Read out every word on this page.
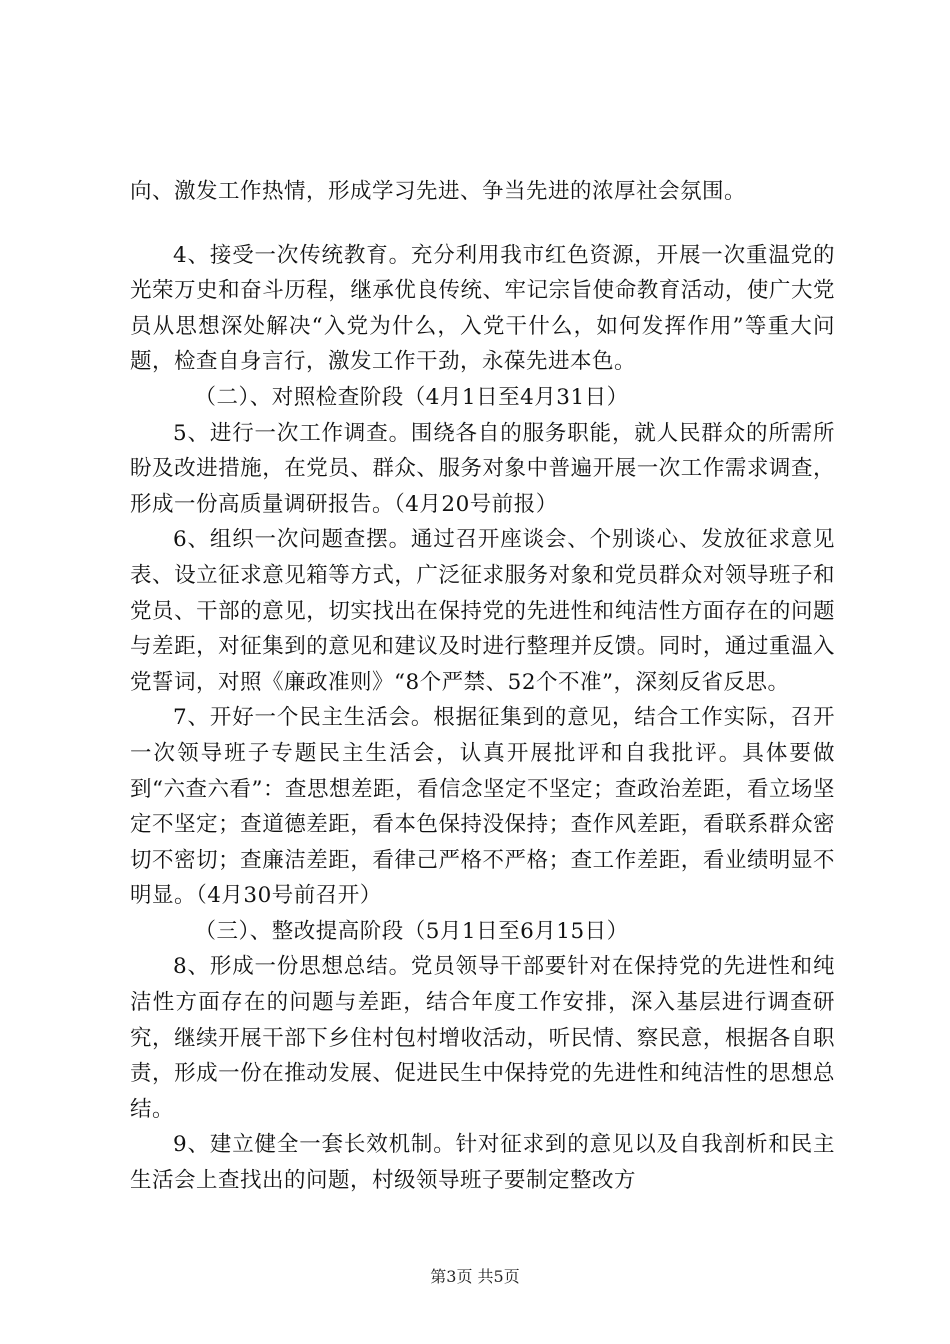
向、激发工作热情，形成学习先进、争当先进的浓厚社会氛围。

4、接受一次传统教育。充分利用我市红色资源，开展一次重温党的光荣万史和奋斗历程，继承优良传统、牢记宗旨使命教育活动，使广大党员从思想深处解决“入党为什么，入党干什么，如何发挥作用”等重大问题，检查自身言行，激发工作干劲，永葆先进本色。

（二）、对照检查阶段（4月1日至4月31日）

5、进行一次工作调查。围绕各自的服务职能，就人民群众的所需所盼及改进措施，在党员、群众、服务对象中普遍开展一次工作需求调查，形成一份高质量调研报告。（4月20号前报）

6、组织一次问题查摆。通过召开座谈会、个别谈心、发放征求意见表、设立征求意见箱等方式，广泛征求服务对象和党员群众对领导班子和党员、干部的意见，切实找出在保持党的先进性和纯洁性方面存在的问题与差距，对征集到的意见和建议及时进行整理并反馈。同时，通过重温入党誓词，对照《廉政准则》“8个严禁、52个不准”，深刻反省反思。

7、开好一个民主生活会。根据征集到的意见，结合工作实际，召开一次领导班子专题民主生活会，认真开展批评和自我批评。具体要做到“六查六看”：查思想差距，看信念坚定不坚定；查政治差距，看立场坚定不坚定；查道德差距，看本色保持没保持；查作风差距，看联系群众密切不密切；查廉洁差距，看律己严格不严格；查工作差距，看业绩明显不明显。（4月30号前召开）

（三）、整改提高阶段（5月1日至6月15日）

8、形成一份思想总结。党员领导干部要针对在保持党的先进性和纯洁性方面存在的问题与差距，结合年度工作安排，深入基层进行调查研究，继续开展干部下乡住村包村增收活动，听民情、察民意，根据各自职责，形成一份在推动发展、促进民生中保持党的先进性和纯洁性的思想总结。

9、建立健全一套长效机制。针对征求到的意见以及自我剖析和民主生活会上查找出的问题，村级领导班子要制定整改方

第3页 共5页
